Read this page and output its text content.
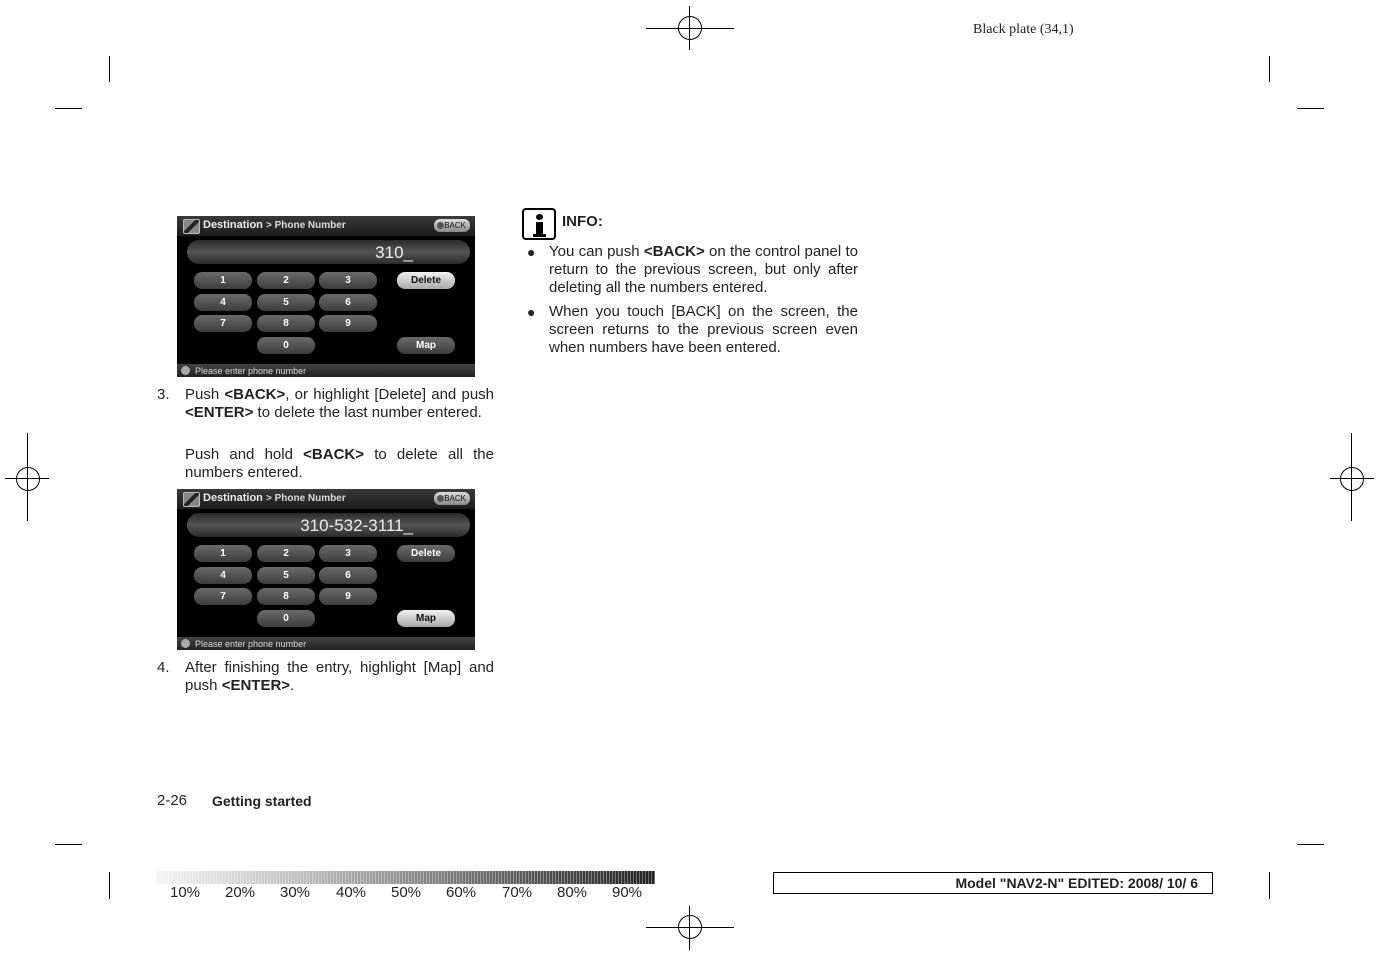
Black plate (34,1)
Destination > Phone Number	BACK
310_
1	2	3
4	5	6
7	8	9
0
Delete
Map
Please enter phone number
3. Push <BACK>, or highlight [Delete] and push <ENTER> to delete the last number entered.
Push and hold <BACK> to delete all the numbers entered.
Destination > Phone Number	BACK
310-532-3111_
1	2	3
4	5	6
7	8	9
0
Delete
Map
Please enter phone number
4. After finishing the entry, highlight [Map] and push <ENTER>.
INFO:
● You can push <BACK> on the control panel to return to the previous screen, but only after deleting all the numbers entered.
● When you touch [BACK] on the screen, the screen returns to the previous screen even when numbers have been entered.
2-26 Getting started
10% 20% 30% 40% 50% 60% 70% 80% 90%
Model "NAV2-N" EDITED: 2008/ 10/ 6
